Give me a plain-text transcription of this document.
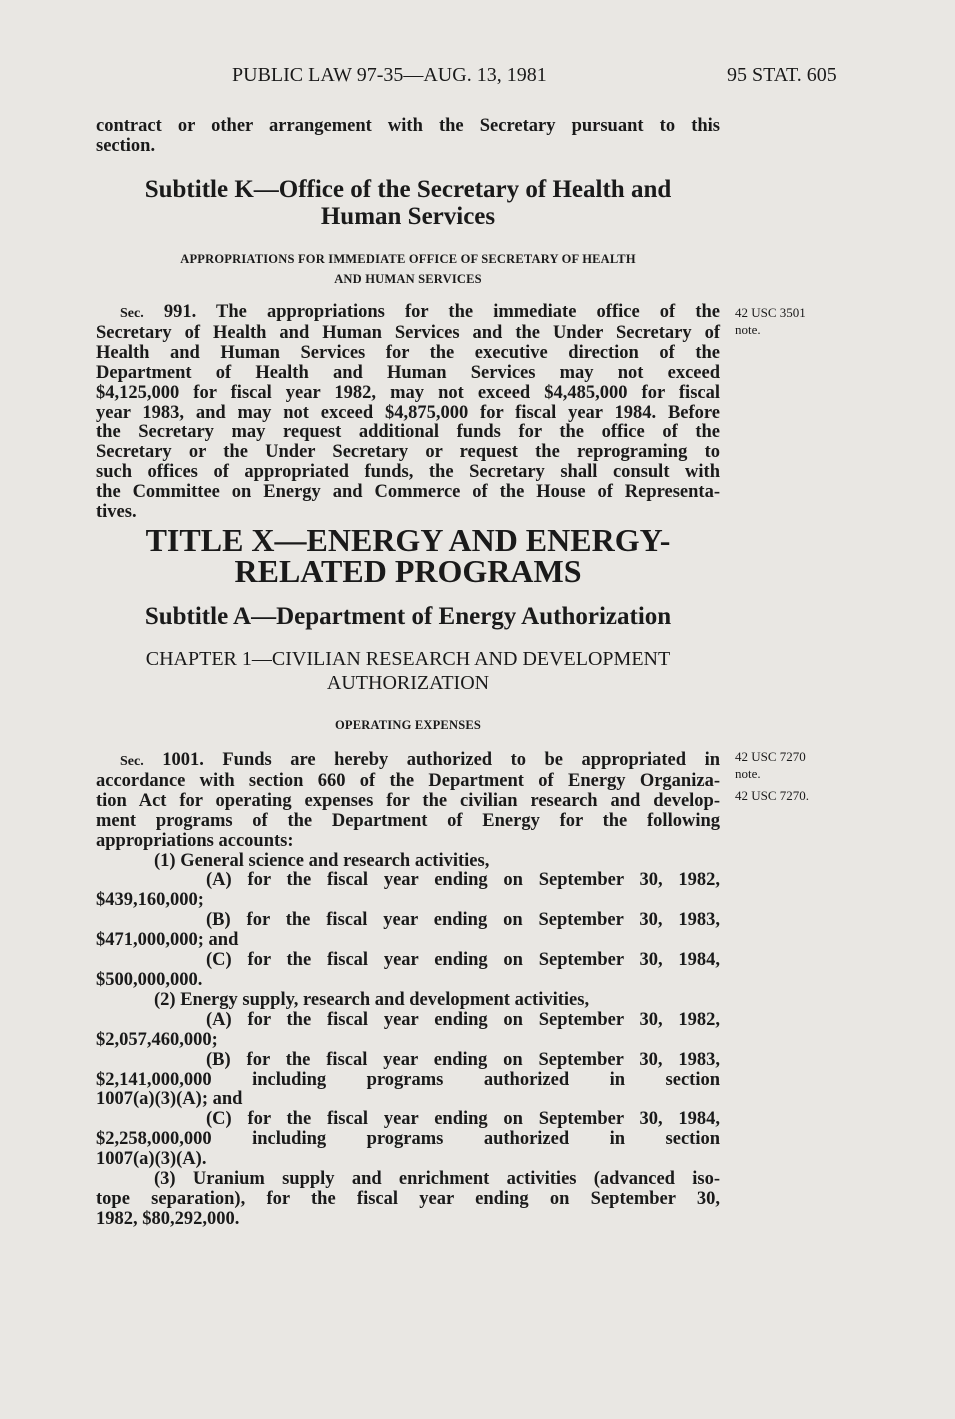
PUBLIC LAW 97-35—AUG. 13, 1981	95 STAT. 605
contract or other arrangement with the Secretary pursuant to this
section.
Subtitle K—Office of the Secretary of Health and
Human Services
APPROPRIATIONS FOR IMMEDIATE OFFICE OF SECRETARY OF HEALTH
AND HUMAN SERVICES
Sec. 991. The appropriations for the immediate office of the
Secretary of Health and Human Services and the Under Secretary of
Health and Human Services for the executive direction of the
Department of Health and Human Services may not exceed
$4,125,000 for fiscal year 1982, may not exceed $4,485,000 for fiscal
year 1983, and may not exceed $4,875,000 for fiscal year 1984. Before
the Secretary may request additional funds for the office of the
Secretary or the Under Secretary or request the reprograming to
such offices of appropriated funds, the Secretary shall consult with
the Committee on Energy and Commerce of the House of Representa-
tives.
42 USC 3501
note.
TITLE X—ENERGY AND ENERGY-
RELATED PROGRAMS
Subtitle A—Department of Energy Authorization
CHAPTER 1—CIVILIAN RESEARCH AND DEVELOPMENT
AUTHORIZATION
OPERATING EXPENSES
Sec. 1001. Funds are hereby authorized to be appropriated in
accordance with section 660 of the Department of Energy Organiza-
tion Act for operating expenses for the civilian research and develop-
ment programs of the Department of Energy for the following
appropriations accounts:
(1) General science and research activities,
(A) for the fiscal year ending on September 30, 1982,
$439,160,000;
(B) for the fiscal year ending on September 30, 1983,
$471,000,000; and
(C) for the fiscal year ending on September 30, 1984,
$500,000,000.
(2) Energy supply, research and development activities,
(A) for the fiscal year ending on September 30, 1982,
$2,057,460,000;
(B) for the fiscal year ending on September 30, 1983,
$2,141,000,000 including programs authorized in section
1007(a)(3)(A); and
(C) for the fiscal year ending on September 30, 1984,
$2,258,000,000 including programs authorized in section
1007(a)(3)(A).
(3) Uranium supply and enrichment activities (advanced iso-
tope separation), for the fiscal year ending on September 30,
1982, $80,292,000.
42 USC 7270
note.
42 USC 7270.
